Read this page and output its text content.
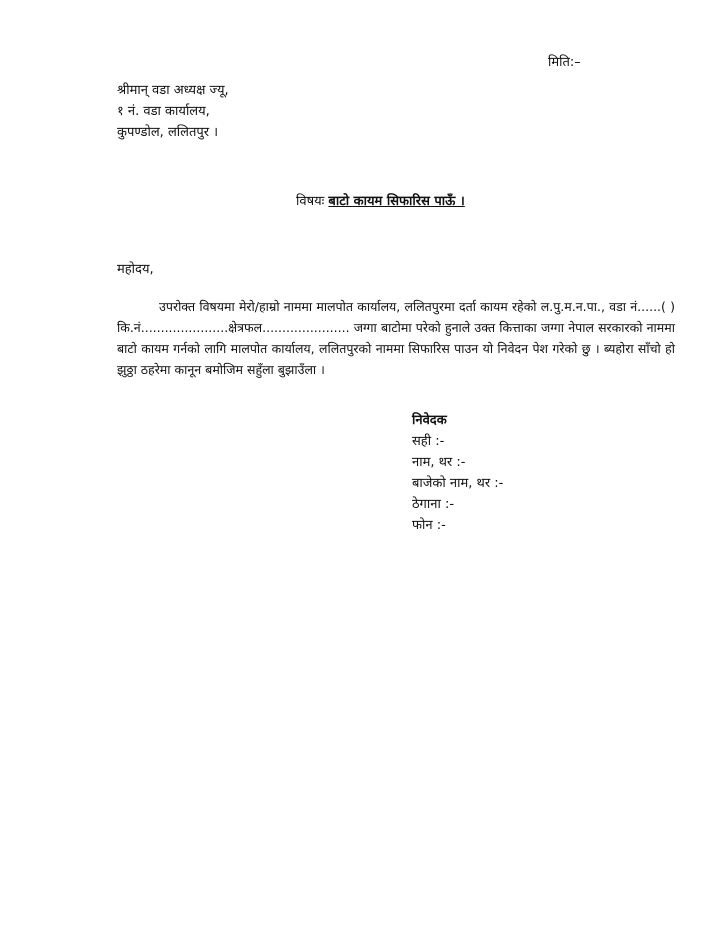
मिति:–
श्रीमान् वडा अध्यक्ष ज्यू,
१ नं. वडा कार्यालय,
कुपण्डोल, ललितपुर ।
विषयः बाटो कायम सिफारिस पाऊँ ।
महोदय,
उपरोक्त विषयमा मेरो/हाम्रो नाममा मालपोत कार्यालय, ललितपुरमा दर्ता कायम रहेको ल.पु.म.न.पा., वडा नं......( ) कि.नं......................क्षेत्रफल...................... जग्गा बाटोमा परेको हुनाले उक्त कित्ताका जग्गा नेपाल सरकारको नाममा बाटो कायम गर्नको लागि मालपोत कार्यालय, ललितपुरको नाममा सिफारिस पाउन यो निवेदन पेश गरेको छु । ब्यहोरा साँचो हो झुठ्ठा ठहरेमा कानून बमोजिम सहुँला बुझाउँला ।
निवेदक
सही :-
नाम, थर :-
बाजेको नाम, थर :-
ठेगाना :-
फोन :-
